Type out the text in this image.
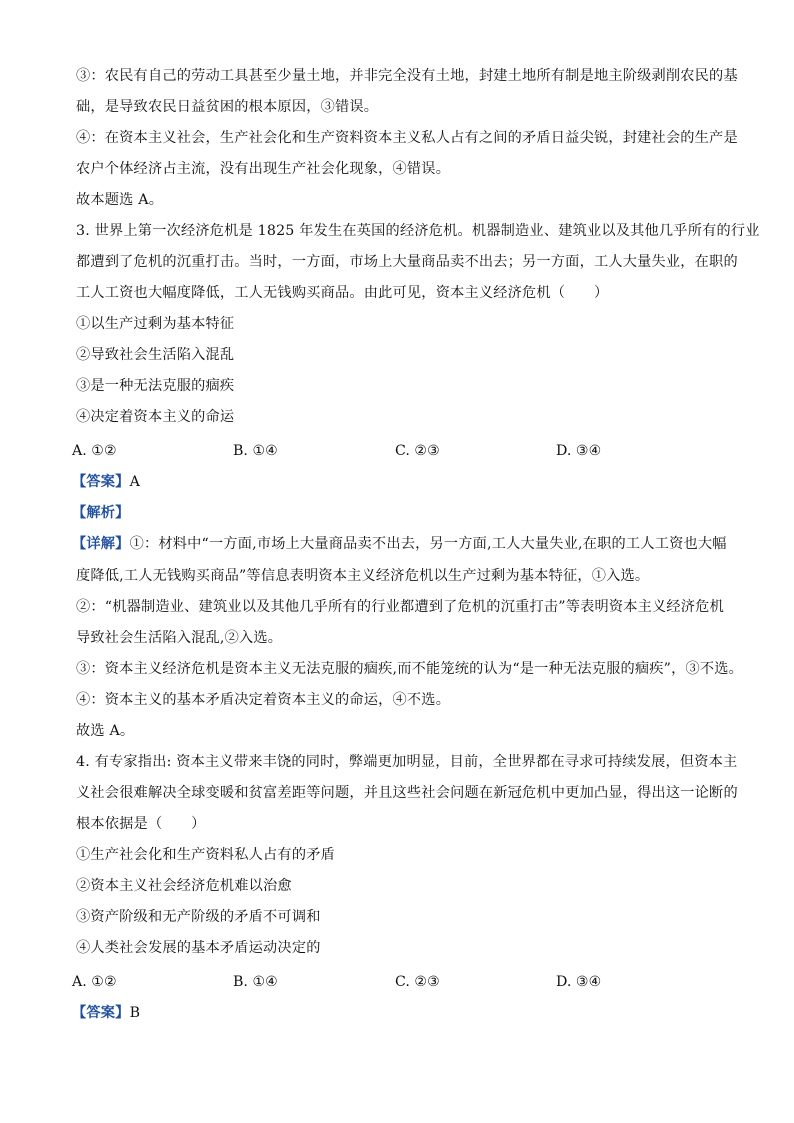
③：农民有自己的劳动工具甚至少量土地，并非完全没有土地，封建土地所有制是地主阶级剥削农民的基
础，是导致农民日益贫困的根本原因，③错误。
④：在资本主义社会，生产社会化和生产资料资本主义私人占有之间的矛盾日益尖锐，封建社会的生产是
农户个体经济占主流，没有出现生产社会化现象，④错误。
故本题选 A。
3. 世界上第一次经济危机是 1825 年发生在英国的经济危机。机器制造业、建筑业以及其他几乎所有的行业
都遭到了危机的沉重打击。当时，一方面，市场上大量商品卖不出去；另一方面，工人大量失业，在职的
工人工资也大幅度降低，工人无钱购买商品。由此可见，资本主义经济危机（　　）
①以生产过剩为基本特征
②导致社会生活陷入混乱
③是一种无法克服的痼疾
④决定着资本主义的命运
A. ①②	B. ①④	C. ②③	D. ③④
【答案】A
【解析】
【详解】①：材料中“一方面,市场上大量商品卖不出去，另一方面,工人大量失业,在职的工人工资也大幅
度降低,工人无钱购买商品”等信息表明资本主义经济危机以生产过剩为基本特征，①入选。
②：“机器制造业、建筑业以及其他几乎所有的行业都遭到了危机的沉重打击”等表明资本主义经济危机
导致社会生活陷入混乱,②入选。
③：资本主义经济危机是资本主义无法克服的痼疾,而不能笼统的认为“是一种无法克服的痼疾”，③不选。
④：资本主义的基本矛盾决定着资本主义的命运，④不选。
故选 A。
4. 有专家指出: 资本主义带来丰饶的同时，弊端更加明显，目前，全世界都在寻求可持续发展，但资本主
义社会很难解决全球变暖和贫富差距等问题，并且这些社会问题在新冠危机中更加凸显，得出这一论断的
根本依据是（　　）
①生产社会化和生产资料私人占有的矛盾
②资本主义社会经济危机难以治愈
③资产阶级和无产阶级的矛盾不可调和
④人类社会发展的基本矛盾运动决定的
A. ①②	B. ①④	C. ②③	D. ③④
【答案】B
